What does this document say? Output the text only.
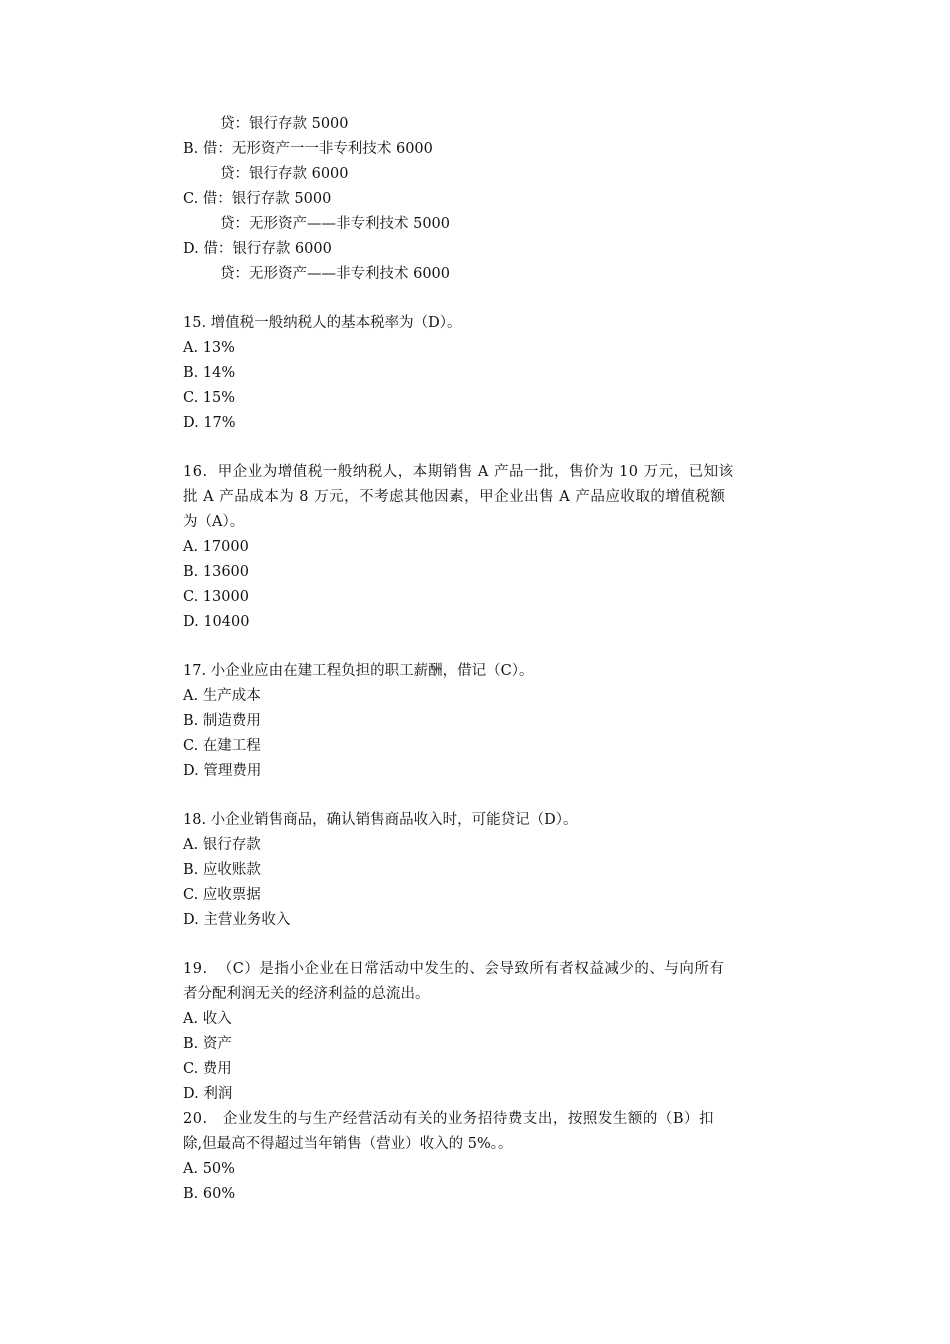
贷：银行存款 5000
B. 借：无形资产一一非专利技术 6000
贷：银行存款 6000
C. 借：银行存款 5000
贷：无形资产——非专利技术 5000
D. 借：银行存款 6000
贷：无形资产——非专利技术 6000
15. 增值税一般纳税人的基本税率为（D）。
A. 13%
B. 14%
C. 15%
D. 17%
16.  甲企业为增值税一般纳税人，本期销售 A 产品一批，售价为 10 万元，已知该
批 A 产品成本为 8 万元，不考虑其他因素，甲企业出售 A 产品应收取的增值税额
为（A）。
A. 17000
B. 13600
C. 13000
D. 10400
17. 小企业应由在建工程负担的职工薪酬，借记（C）。
A. 生产成本
B. 制造费用
C. 在建工程
D. 管理费用
18. 小企业销售商品，确认销售商品收入时，可能贷记（D）。
A. 银行存款
B. 应收账款
C. 应收票据
D. 主营业务收入
19.  （C）是指小企业在日常活动中发生的、会导致所有者权益减少的、与向所有
者分配利润无关的经济利益的总流出。
A. 收入
B. 资产
C. 费用
D. 利润
20.   企业发生的与生产经营活动有关的业务招待费支出，按照发生额的（B）扣
除,但最高不得超过当年销售（营业）收入的 5%。。
A. 50%
B. 60%
